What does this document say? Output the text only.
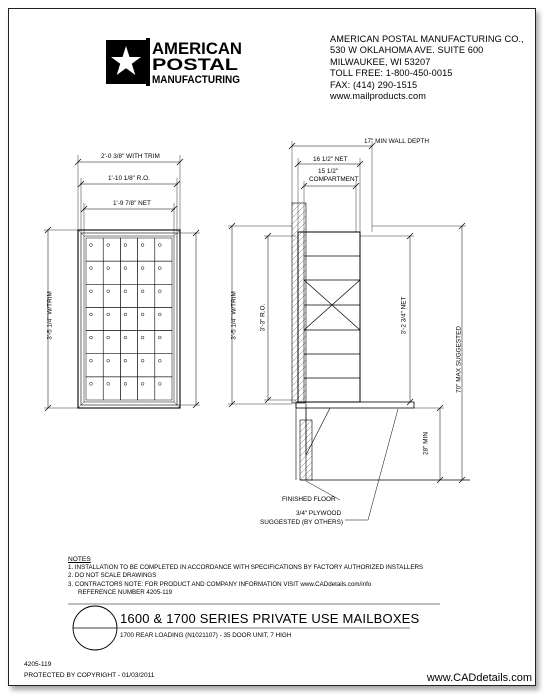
AMERICAN
POSTAL
MANUFACTURING
AMERICAN POSTAL MANUFACTURING CO.,
530 W OKLAHOMA AVE. SUITE 600
MILWAUKEE, WI 53207
TOLL FREE: 1-800-450-0015
FAX: (414) 290-1515
www.mailproducts.com
2'-0 3/8" WITH TRIM
1'-10 1/8" R.O.
1'-9 7/8" NET
3'-5 1/4" W/TRIM	3'-5 1/4" W/TRIM	3'-3" R.O.
17" MIN WALL DEPTH
16 1/2" NET
15 1/2"
COMPARTMENT
3'-2 3/4" NET
70" MAX SUGGESTED
28" MIN
FINISHED FLOOR
3/4" PLYWOOD
SUGGESTED (BY OTHERS)
NOTES
1. INSTALLATION TO BE COMPLETED IN ACCORDANCE WITH SPECIFICATIONS BY FACTORY AUTHORIZED INSTALLERS
2. DO NOT SCALE DRAWINGS
3. CONTRACTORS NOTE: FOR PRODUCT AND COMPANY INFORMATION VISIT www.CADdetails.com/info
REFERENCE NUMBER 4205-119
1600 & 1700 SERIES PRIVATE USE MAILBOXES
1700 REAR LOADING (N1021107) - 35 DOOR UNIT, 7 HIGH
4205-119
PROTECTED BY COPYRIGHT - 01/03/2011	www.CADdetails.com
